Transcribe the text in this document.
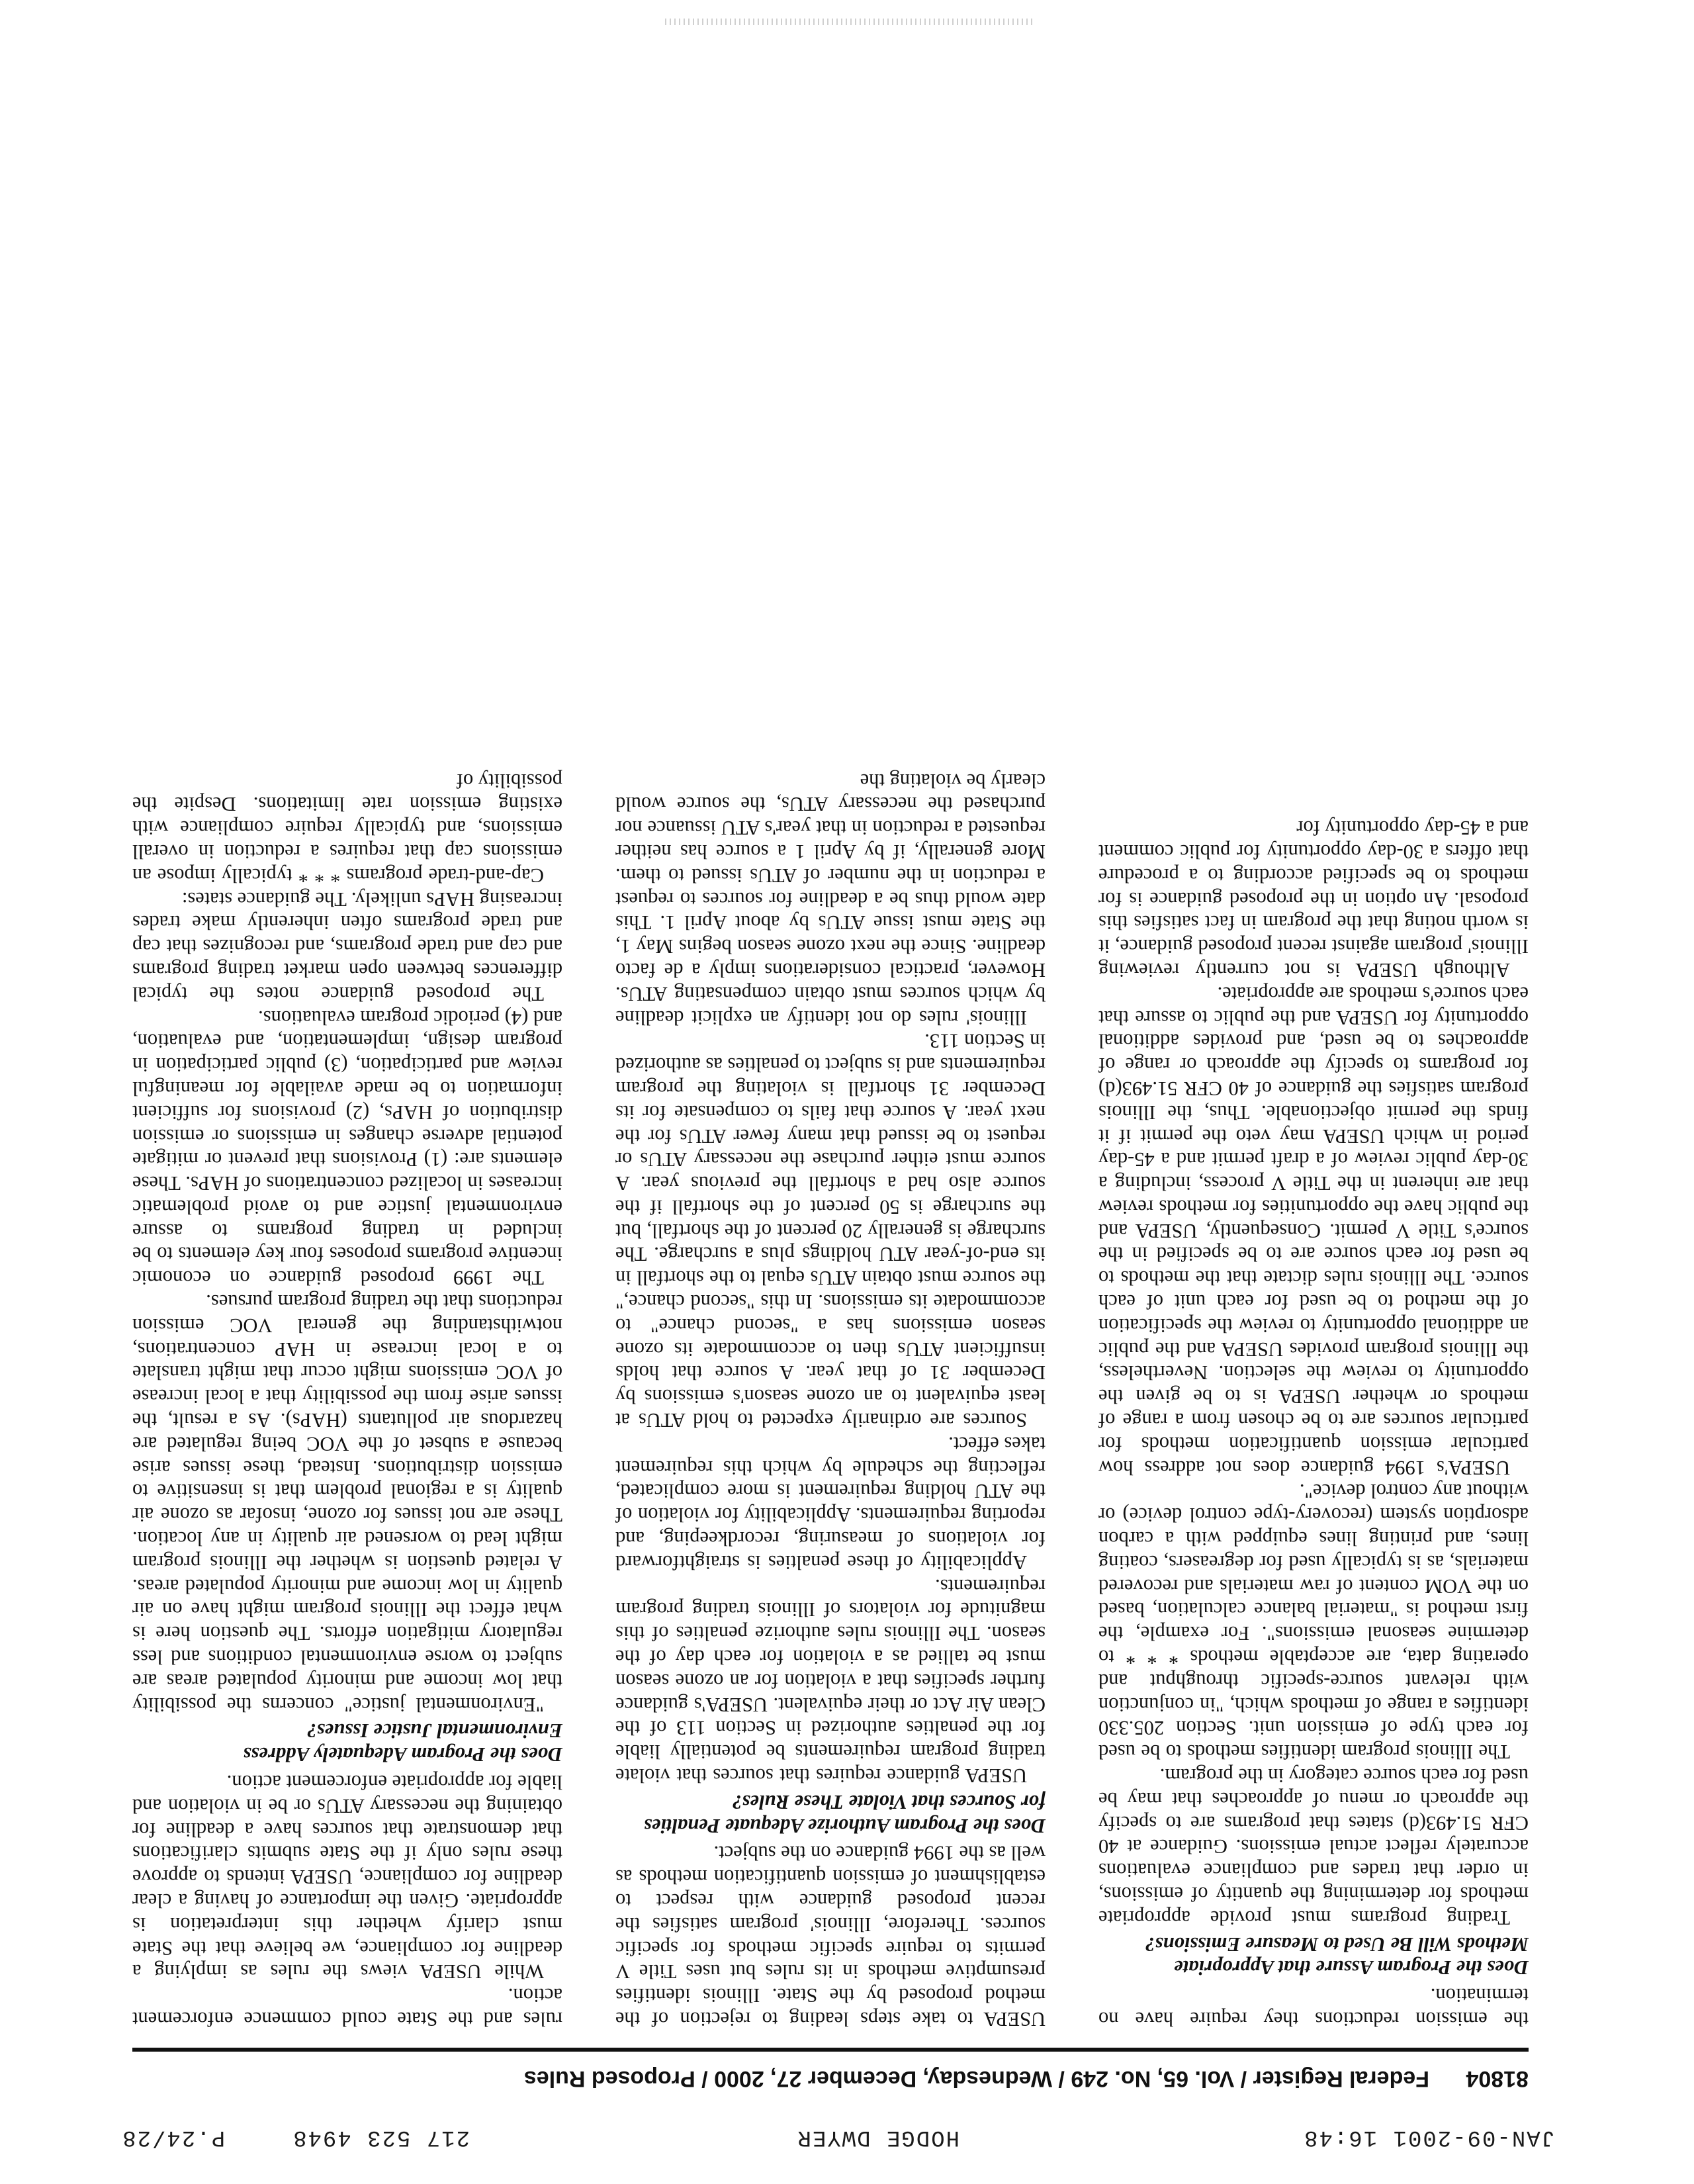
JAN-09-2001 16:48
HODGE DWYER
217 523 4948
P.24/28
81804
Federal Register / Vol. 65, No. 249 / Wednesday, December 27, 2000 / Proposed Rules

the emission reductions they require have no termination.

Does the Program Assure that Appropriate Methods Will Be Used to Measure Emissions?

Trading programs must provide appropriate methods for determining the quantity of emissions, in order that trades and compliance evaluations accurately reflect actual emissions. Guidance at 40 CFR 51.493(d) states that programs are to specify the approach or menu of approaches that may be used for each source category in the program.

The Illinois program identifies methods to be used for each type of emission unit. Section 205.330 identifies a range of methods which, "in conjunction with relevant source-specific throughput and operating data, are acceptable methods * * * to determine seasonal emissions". For example, the first method is "material balance calculation, based on the VOM content of raw materials and recovered materials, as is typically used for degreasers, coating lines, and printing lines equipped with a carbon adsorption system (recovery-type control device) or without any control device".

USEPA's 1994 guidance does not address how particular emission quantification methods for particular sources are to be chosen from a range of methods or whether USEPA is to be given the opportunity to review the selection. Nevertheless, the Illinois program provides USEPA and the public an additional opportunity to review the specification of the method to be used for each unit of each source. The Illinois rules dictate that the methods to be used for each source are to be specified in the source's Title V permit. Consequently, USEPA and the public have the opportunities for methods review that are inherent in the Title V process, including a 30-day public review of a draft permit and a 45-day period in which USEPA may veto the permit if it finds the permit objectionable. Thus, the Illinois program satisfies the guidance of 40 CFR 51.493(d) for programs to specify the approach or range of approaches to be used, and provides additional opportunity for USEPA and the public to assure that each source's methods are appropriate.

Although USEPA is not currently reviewing Illinois' program against recent proposed guidance, it is worth noting that the program in fact satisfies this proposal. An option in the proposed guidance is for methods to be specified according to a procedure that offers a 30-day opportunity for public comment and a 45-day opportunity for

USEPA to take steps leading to rejection of the method proposed by the State. Illinois identifies presumptive methods in its rules but uses Title V permits to require specific methods for specific sources. Therefore, Illinois' program satisfies the recent proposed guidance with respect to establishment of emission quantification methods as well as the 1994 guidance on the subject.

Does the Program Authorize Adequate Penalties for Sources that Violate These Rules?

USEPA guidance requires that sources that violate trading program requirements be potentially liable for the penalties authorized in Section 113 of the Clean Air Act or their equivalent. USEPA's guidance further specifies that a violation for an ozone season must be tallied as a violation for each day of the season. The Illinois rules authorize penalties of this magnitude for violators of Illinois trading program requirements.

Applicability of these penalties is straightforward for violations of measuring, recordkeeping, and reporting requirements. Applicability for violation of the ATU holding requirement is more complicated, reflecting the schedule by which this requirement takes effect.

Sources are ordinarily expected to hold ATUs at least equivalent to an ozone season's emissions by December 31 of that year. A source that holds insufficient ATUs then to accommodate its ozone season emissions has a "second chance" to accommodate its emissions. In this "second chance," the source must obtain ATUs equal to the shortfall in its end-of-year ATU holdings plus a surcharge. The surcharge is generally 20 percent of the shortfall, but the surcharge is 50 percent of the shortfall if the source also had a shortfall the previous year. A source must either purchase the necessary ATUs or request to be issued that many fewer ATUs for the next year. A source that fails to compensate for its December 31 shortfall is violating the program requirements and is subject to penalties as authorized in Section 113.

Illinois' rules do not identify an explicit deadline by which sources must obtain compensating ATUs. However, practical considerations imply a de facto deadline. Since the next ozone season begins May 1, the State must issue ATUs by about April 1. This date would thus be a deadline for sources to request a reduction in the number of ATUs issued to them. More generally, if by April 1 a source has neither requested a reduction in that year's ATU issuance nor purchased the necessary ATUs, the source would clearly be violating the

rules and the State could commence enforcement action.

While USEPA views the rules as implying a deadline for compliance, we believe that the State must clarify whether this interpretation is appropriate. Given the importance of having a clear deadline for compliance, USEPA intends to approve these rules only if the State submits clarifications that demonstrate that sources have a deadline for obtaining the necessary ATUs or be in violation and liable for appropriate enforcement action.

Does the Program Adequately Address Environmental Justice Issues?

"Environmental justice" concerns the possibility that low income and minority populated areas are subject to worse environmental conditions and less regulatory mitigation efforts. The question here is what effect the Illinois program might have on air quality in low income and minority populated areas. A related question is whether the Illinois program might lead to worsened air quality in any location. These are not issues for ozone, insofar as ozone air quality is a regional problem that is insensitive to emission distributions. Instead, these issues arise because a subset of the VOC being regulated are hazardous air pollutants (HAPs). As a result, the issues arise from the possibility that a local increase of VOC emissions might occur that might translate to a local increase in HAP concentrations, notwithstanding the general VOC emission reductions that the trading program pursues.

The 1999 proposed guidance on economic incentive programs proposes four key elements to be included in trading programs to assure environmental justice and to avoid problematic increases in localized concentrations of HAPs. These elements are: (1) Provisions that prevent or mitigate potential adverse changes in emissions or emission distribution of HAPs, (2) provisions for sufficient information to be made available for meaningful review and participation, (3) public participation in program design, implementation, and evaluation, and (4) periodic program evaluations.

The proposed guidance notes the typical differences between open market trading programs and cap and trade programs, and recognizes that cap and trade programs often inherently make trades increasing HAPs unlikely. The guidance states:

Cap-and-trade programs * * * typically impose an emissions cap that requires a reduction in overall emissions, and typically require compliance with existing emission rate limitations. Despite the possibility of
